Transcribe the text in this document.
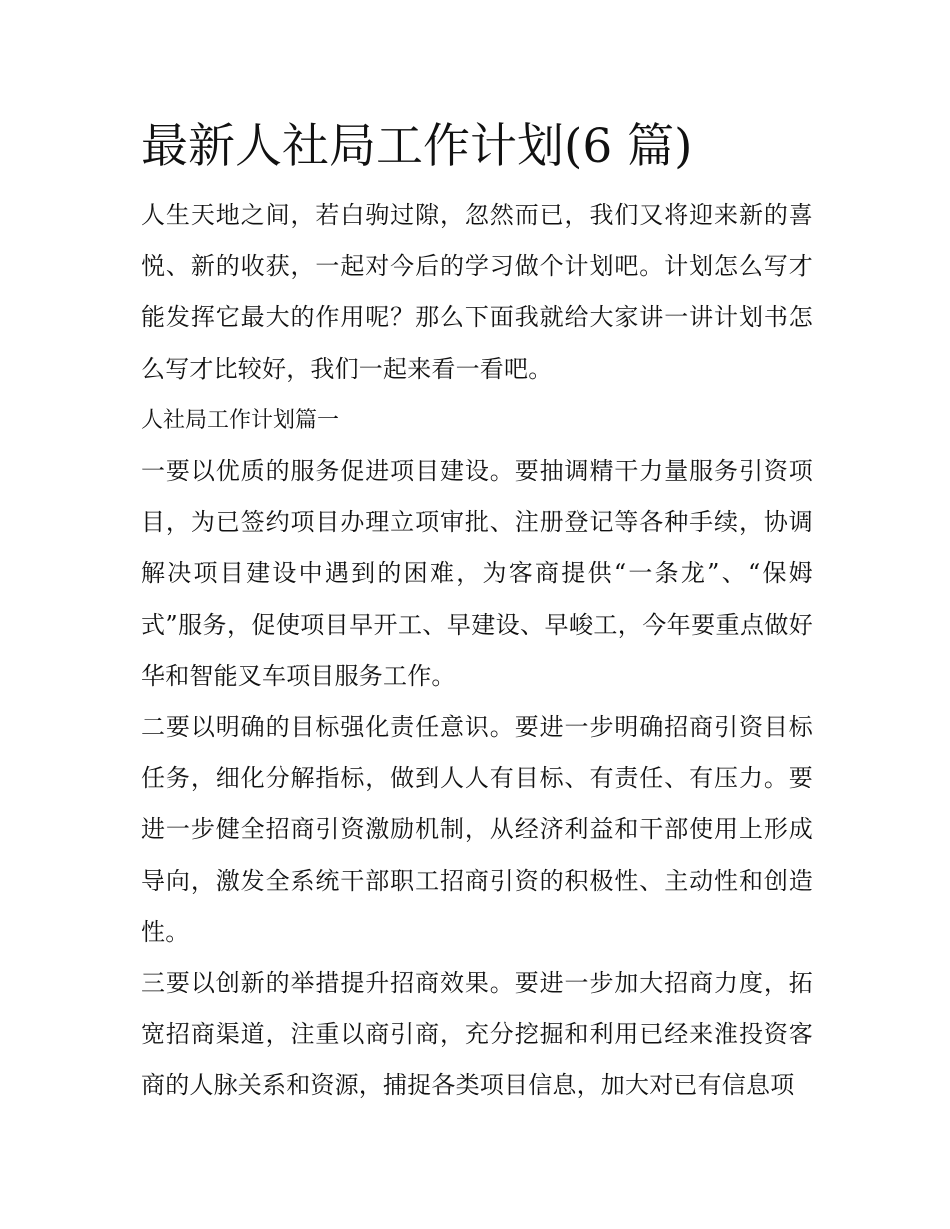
最新人社局工作计划(6 篇)

人生天地之间，若白驹过隙，忽然而已，我们又将迎来新的喜悦、新的收获，一起对今后的学习做个计划吧。计划怎么写才能发挥它最大的作用呢？那么下面我就给大家讲一讲计划书怎么写才比较好，我们一起来看一看吧。

人社局工作计划篇一

一要以优质的服务促进项目建设。要抽调精干力量服务引资项目，为已签约项目办理立项审批、注册登记等各种手续，协调解决项目建设中遇到的困难，为客商提供“一条龙”、“保姆式”服务，促使项目早开工、早建设、早峻工，今年要重点做好华和智能叉车项目服务工作。

二要以明确的目标强化责任意识。要进一步明确招商引资目标任务，细化分解指标，做到人人有目标、有责任、有压力。要进一步健全招商引资激励机制，从经济利益和干部使用上形成导向，激发全系统干部职工招商引资的积极性、主动性和创造性。

三要以创新的举措提升招商效果。要进一步加大招商力度，拓宽招商渠道，注重以商引商，充分挖掘和利用已经来淮投资客商的人脉关系和资源，捕捉各类项目信息，加大对已有信息项
